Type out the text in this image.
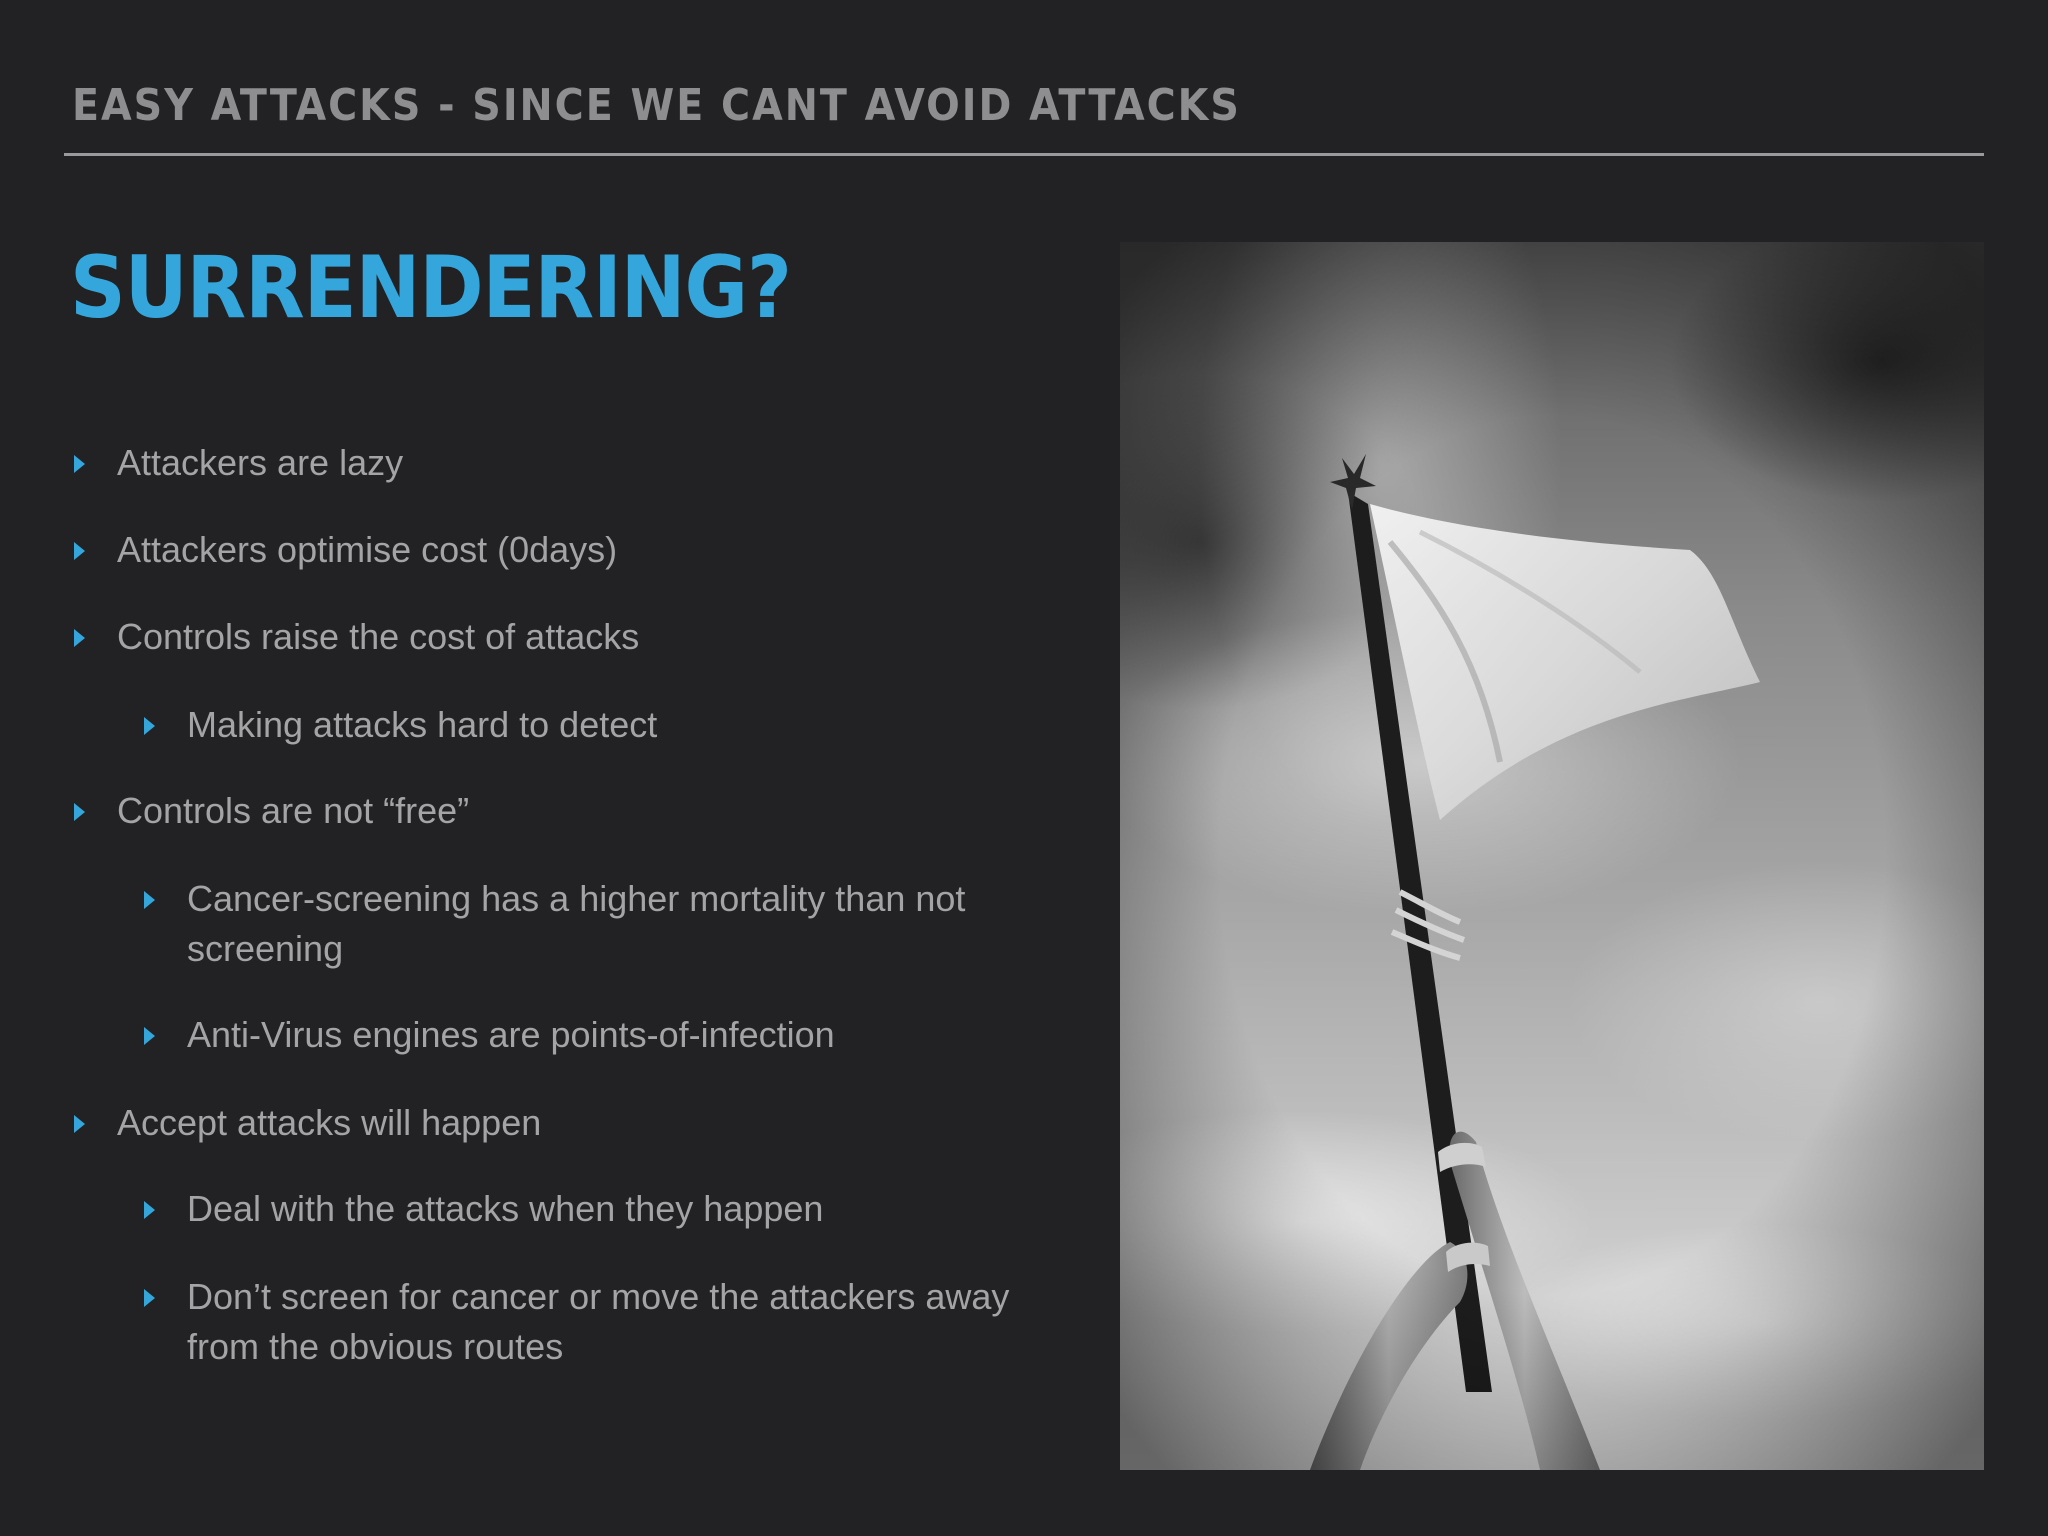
EASY ATTACKS - SINCE WE CANT AVOID ATTACKS
SURRENDERING?
Attackers are lazy
Attackers optimise cost (0days)
Controls raise the cost of attacks
Making attacks hard to detect
Controls are not “free”
Cancer-screening has a higher mortality than not screening
Anti-Virus engines are points-of-infection
Accept attacks will happen
Deal with the attacks when they happen
Don’t screen for cancer or move the attackers away from the obvious routes
